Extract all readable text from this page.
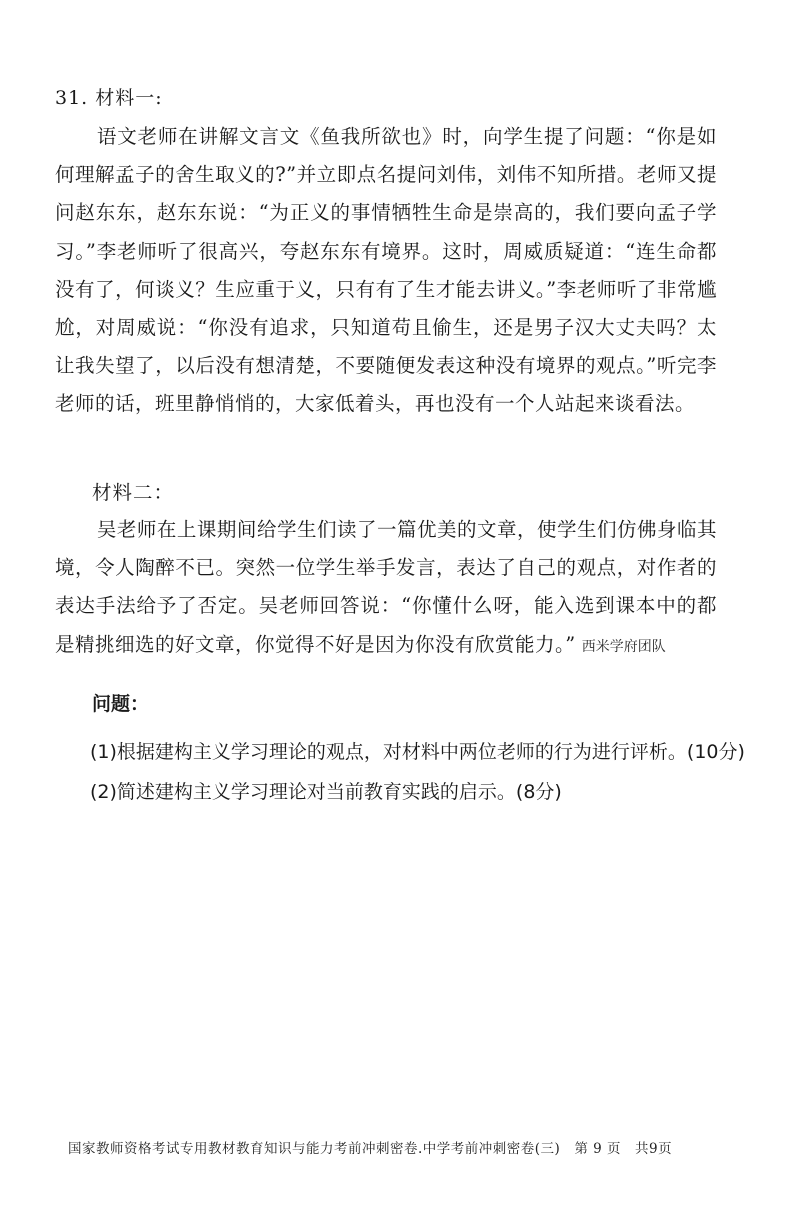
31. 材料一:

语文老师在讲解文言文《鱼我所欲也》时，向学生提了问题：“你是如何理解孟子的舍生取义的?”并立即点名提问刘伟，刘伟不知所措。老师又提问赵东东，赵东东说：“为正义的事情牺牲生命是崇高的，我们要向孟子学习。”李老师听了很高兴，夸赵东东有境界。这时，周威质疑道：“连生命都没有了，何谈义？生应重于义，只有有了生才能去讲义。”李老师听了非常尴尬，对周威说：“你没有追求，只知道苟且偷生，还是男子汉大丈夫吗？太让我失望了，以后没有想清楚，不要随便发表这种没有境界的观点。”听完李老师的话，班里静悄悄的，大家低着头，再也没有一个人站起来谈看法。

材料二：

吴老师在上课期间给学生们读了一篇优美的文章，使学生们仿佛身临其境，令人陶醉不已。突然一位学生举手发言，表达了自己的观点，对作者的表达手法给予了否定。吴老师回答说：“你懂什么呀，能入选到课本中的都是精挑细选的好文章，你觉得不好是因为你没有欣赏能力。” 西米学府团队

问题：
(1)根据建构主义学习理论的观点，对材料中两位老师的行为进行评析。(10分)
(2)简述建构主义学习理论对当前教育实践的启示。(8分)
国家教师资格考试专用教材教育知识与能力考前冲刺密卷.中学考前冲刺密卷(三) 第 9 页 共9页
